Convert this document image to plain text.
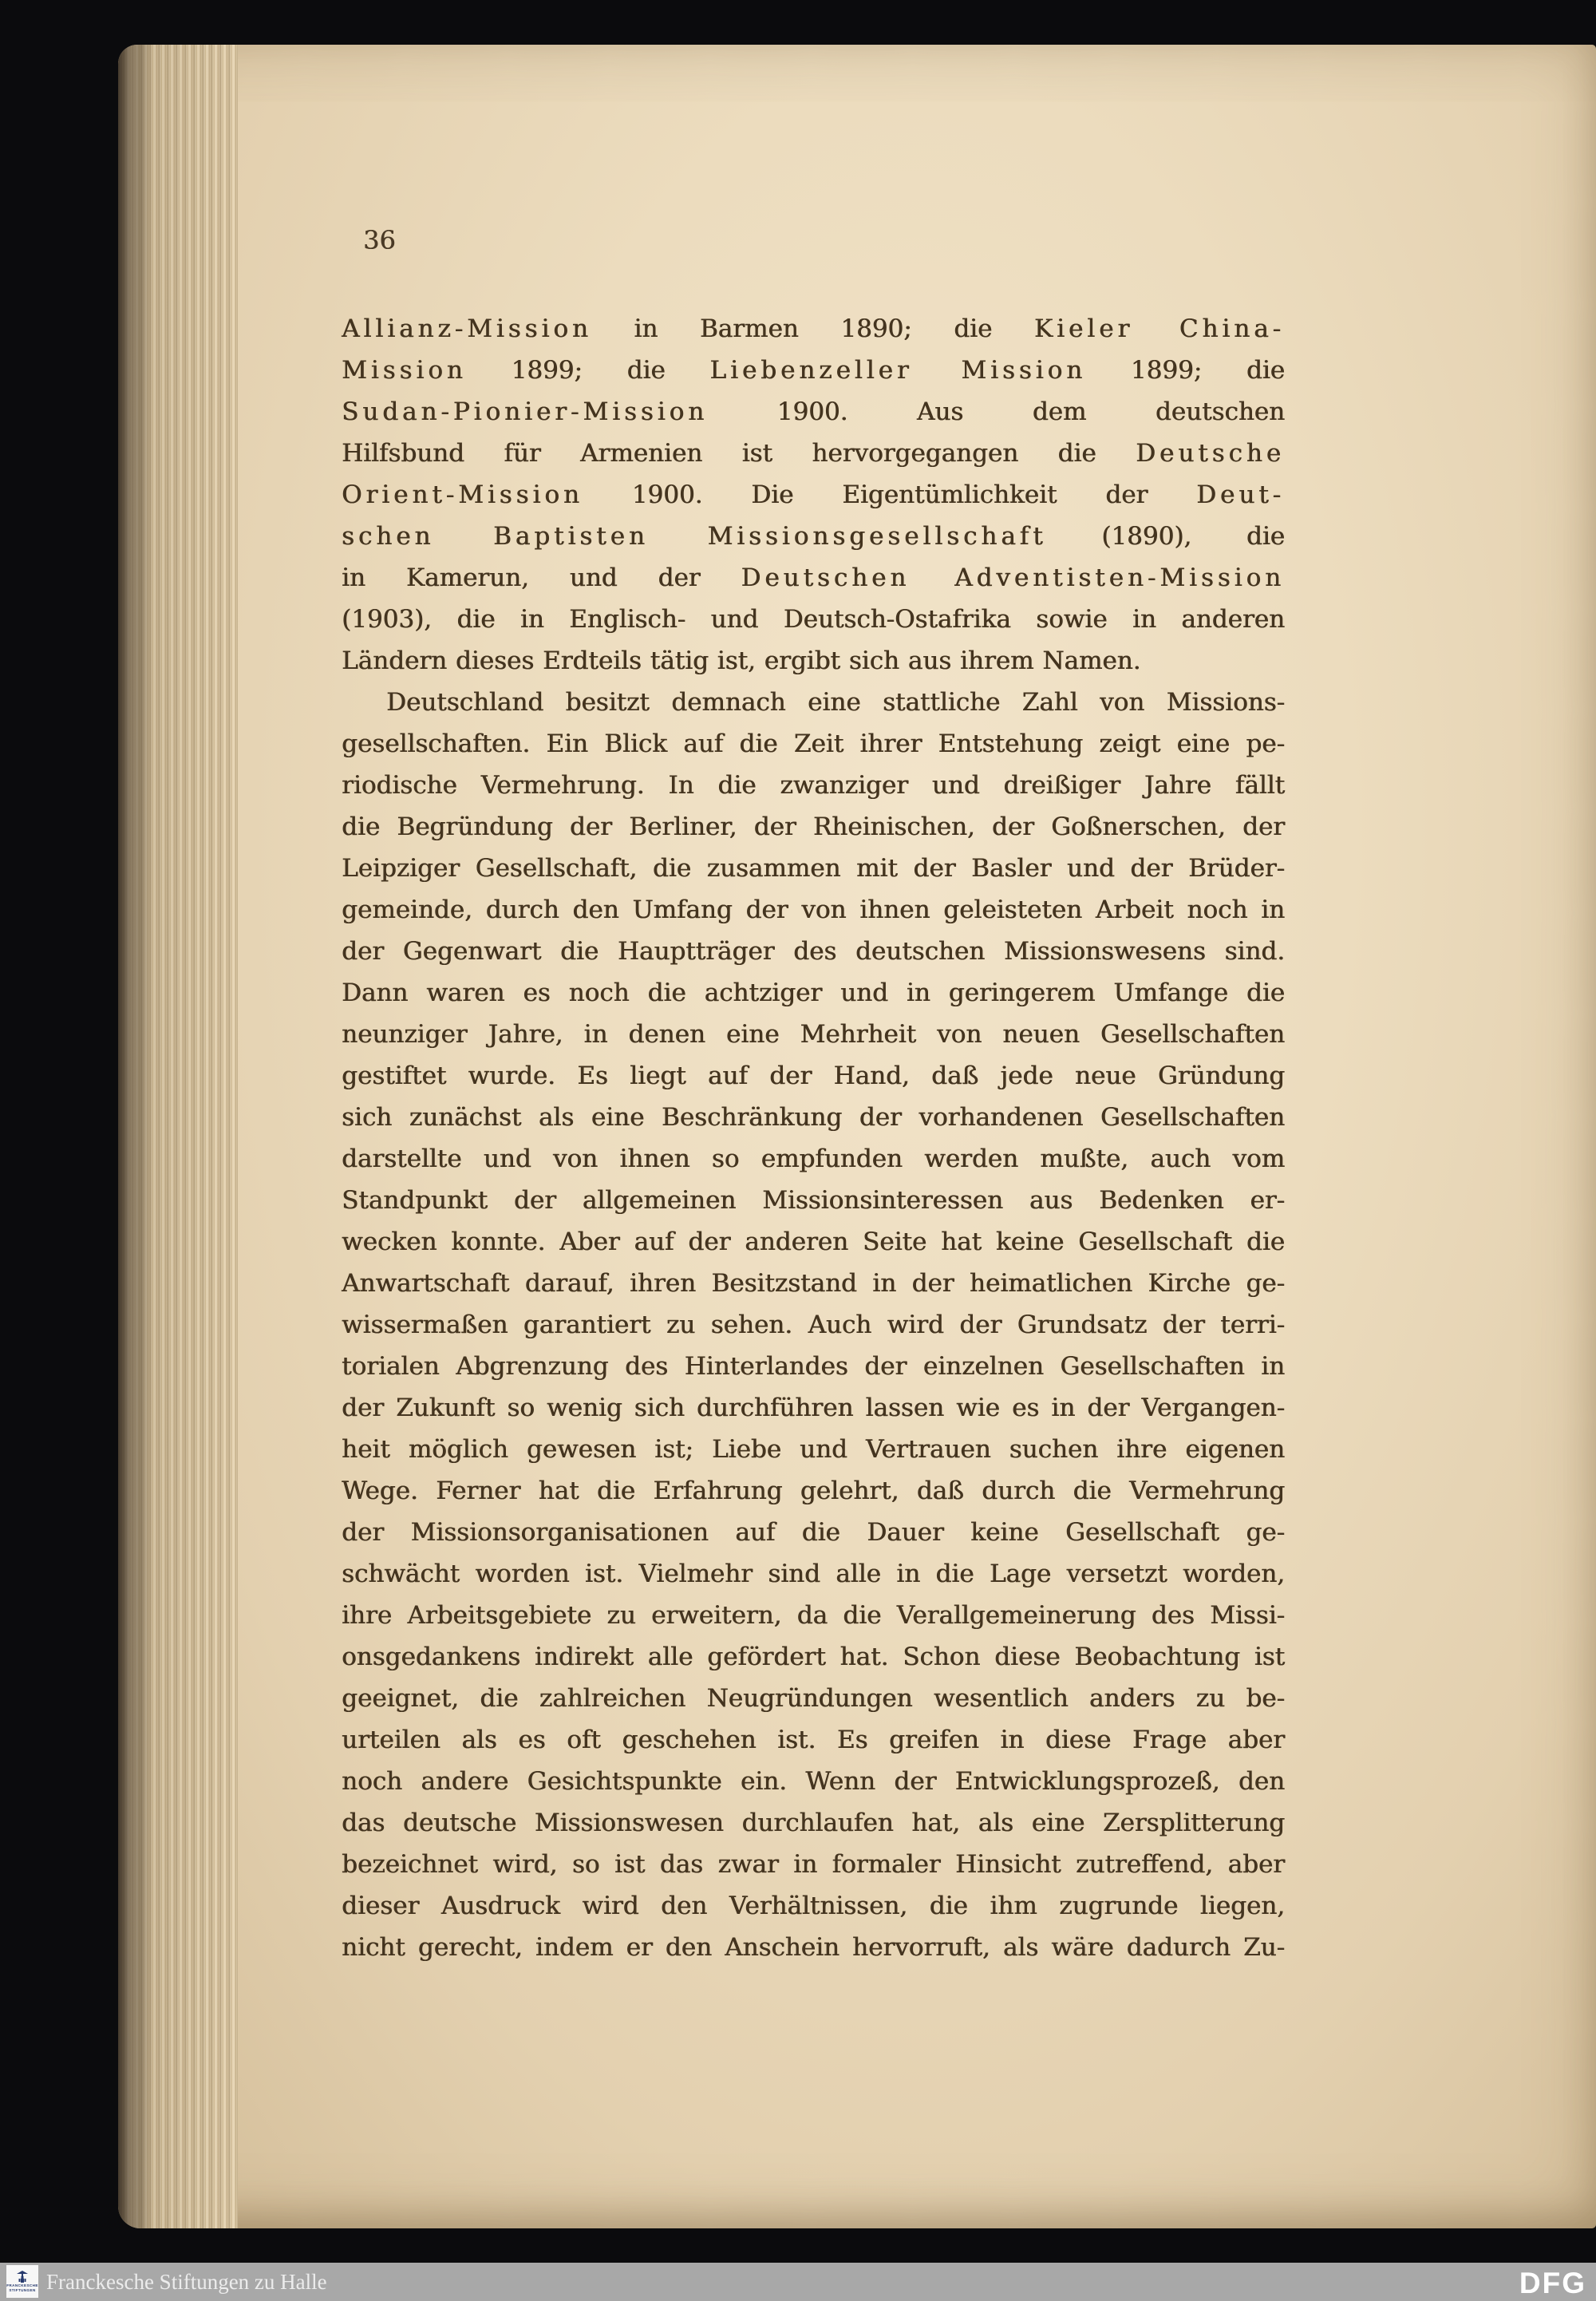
36
Allianz-Mission in Barmen 1890; die Kieler China-
Mission 1899; die Liebenzeller Mission 1899; die
Sudan-Pionier-Mission 1900. Aus dem deutschen
Hilfsbund für Armenien ist hervorgegangen die Deutsche
Orient-Mission 1900. Die Eigentümlichkeit der Deut-
schen Baptisten Missionsgesellschaft (1890), die
in Kamerun, und der Deutschen Adventisten-Mission
(1903), die in Englisch- und Deutsch-Ostafrika sowie in anderen
Ländern dieses Erdteils tätig ist, ergibt sich aus ihrem Namen.
Deutschland besitzt demnach eine stattliche Zahl von Missions-
gesellschaften. Ein Blick auf die Zeit ihrer Entstehung zeigt eine pe-
riodische Vermehrung. In die zwanziger und dreißiger Jahre fällt
die Begründung der Berliner, der Rheinischen, der Goßnerschen, der
Leipziger Gesellschaft, die zusammen mit der Basler und der Brüder-
gemeinde, durch den Umfang der von ihnen geleisteten Arbeit noch in
der Gegenwart die Hauptträger des deutschen Missionswesens sind.
Dann waren es noch die achtziger und in geringerem Umfange die
neunziger Jahre, in denen eine Mehrheit von neuen Gesellschaften
gestiftet wurde. Es liegt auf der Hand, daß jede neue Gründung
sich zunächst als eine Beschränkung der vorhandenen Gesellschaften
darstellte und von ihnen so empfunden werden mußte, auch vom
Standpunkt der allgemeinen Missionsinteressen aus Bedenken er-
wecken konnte. Aber auf der anderen Seite hat keine Gesellschaft die
Anwartschaft darauf, ihren Besitzstand in der heimatlichen Kirche ge-
wissermaßen garantiert zu sehen. Auch wird der Grundsatz der terri-
torialen Abgrenzung des Hinterlandes der einzelnen Gesellschaften in
der Zukunft so wenig sich durchführen lassen wie es in der Vergangen-
heit möglich gewesen ist; Liebe und Vertrauen suchen ihre eigenen
Wege. Ferner hat die Erfahrung gelehrt, daß durch die Vermehrung
der Missionsorganisationen auf die Dauer keine Gesellschaft ge-
schwächt worden ist. Vielmehr sind alle in die Lage versetzt worden,
ihre Arbeitsgebiete zu erweitern, da die Verallgemeinerung des Missi-
onsgedankens indirekt alle gefördert hat. Schon diese Beobachtung ist
geeignet, die zahlreichen Neugründungen wesentlich anders zu be-
urteilen als es oft geschehen ist. Es greifen in diese Frage aber
noch andere Gesichtspunkte ein. Wenn der Entwicklungsprozeß, den
das deutsche Missionswesen durchlaufen hat, als eine Zersplitterung
bezeichnet wird, so ist das zwar in formaler Hinsicht zutreffend, aber
dieser Ausdruck wird den Verhältnissen, die ihm zugrunde liegen,
nicht gerecht, indem er den Anschein hervorruft, als wäre dadurch Zu-
FRANCKESCHE
STIFTUNGEN Franckesche Stiftungen zu Halle	DFG
